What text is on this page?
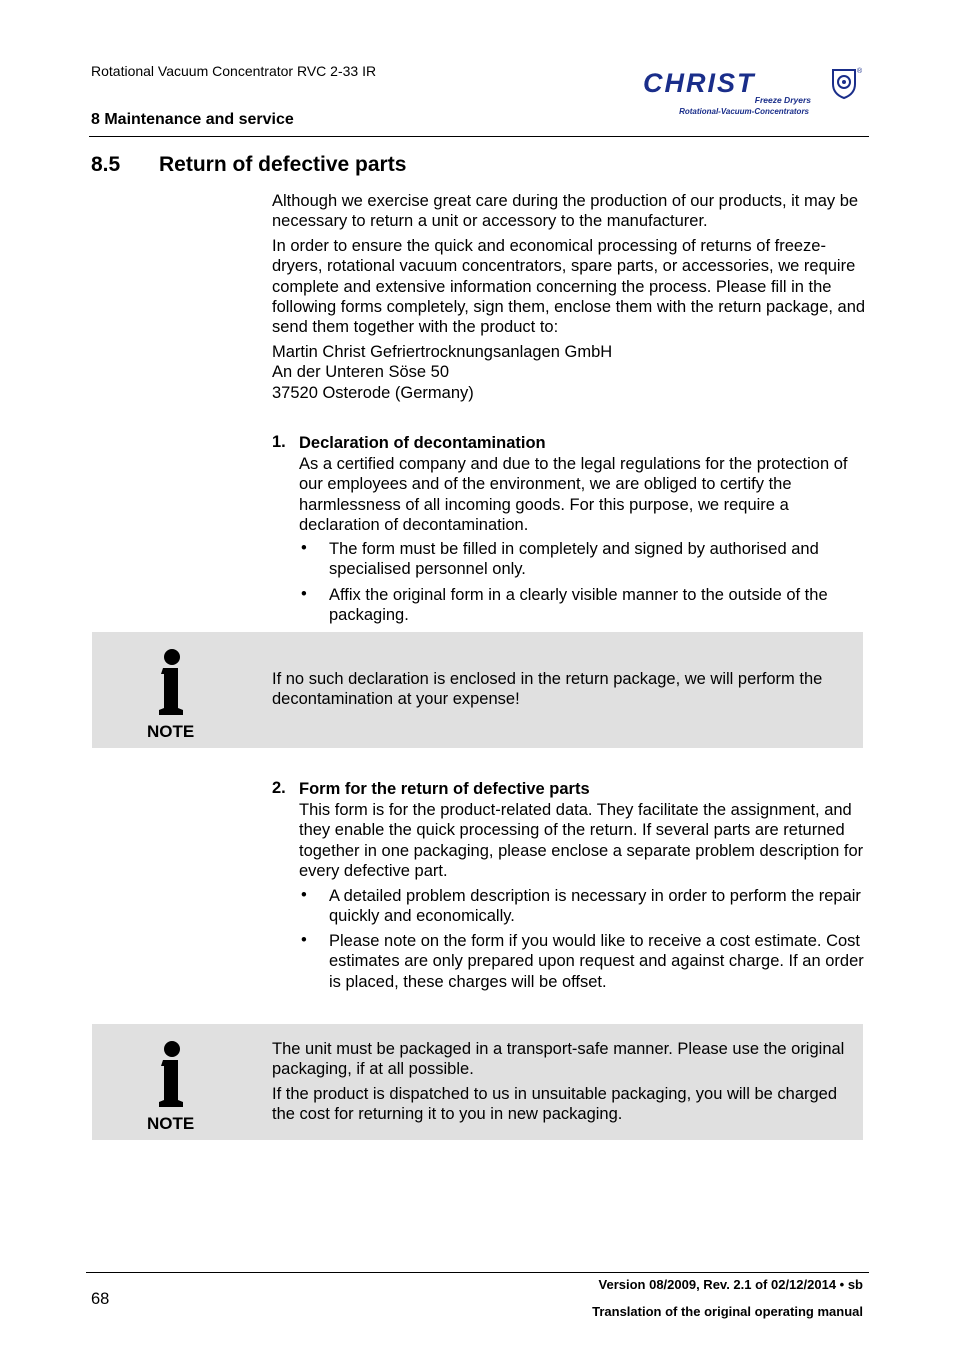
Rotational Vacuum Concentrator RVC 2-33 IR
8 Maintenance and service
CHRIST	®
Freeze Dryers
Rotational-Vacuum-Concentrators
8.5 Return of defective parts
Although we exercise great care during the production of our products, it may be necessary to return a unit or accessory to the manufacturer.
In order to ensure the quick and economical processing of returns of freeze-dryers, rotational vacuum concentrators, spare parts, or accessories, we require complete and extensive information concerning the process. Please fill in the following forms completely, sign them, enclose them with the return package, and send them together with the product to:
Martin Christ Gefriertrocknungsanlagen GmbH
An der Unteren Söse 50
37520 Osterode (Germany)
1. Declaration of decontamination
As a certified company and due to the legal regulations for the protection of our employees and of the environment, we are obliged to certify the harmlessness of all incoming goods. For this purpose, we require a declaration of decontamination.
• The form must be filled in completely and signed by authorised and specialised personnel only.
• Affix the original form in a clearly visible manner to the outside of the packaging.
NOTE
If no such declaration is enclosed in the return package, we will perform the decontamination at your expense!
2. Form for the return of defective parts
This form is for the product-related data. They facilitate the assignment, and they enable the quick processing of the return. If several parts are returned together in one packaging, please enclose a separate problem description for every defective part.
• A detailed problem description is necessary in order to perform the repair quickly and economically.
• Please note on the form if you would like to receive a cost estimate. Cost estimates are only prepared upon request and against charge. If an order is placed, these charges will be offset.
NOTE
The unit must be packaged in a transport-safe manner. Please use the original packaging, if at all possible.
If the product is dispatched to us in unsuitable packaging, you will be charged the cost for returning it to you in new packaging.
68
Version 08/2009, Rev. 2.1 of 02/12/2014 • sb
Translation of the original operating manual
